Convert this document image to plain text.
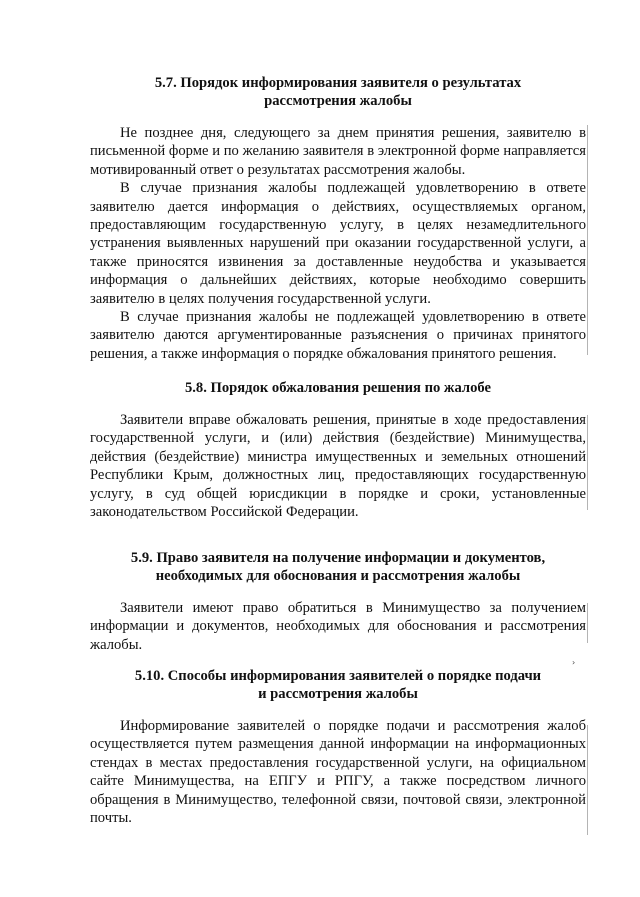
5.7. Порядок информирования заявителя о результатах
рассмотрения жалобы

Не позднее дня, следующего за днем принятия решения, заявителю в письменной форме и по желанию заявителя в электронной форме направляется мотивированный ответ о результатах рассмотрения жалобы.

В случае признания жалобы подлежащей удовлетворению в ответе заявителю дается информация о действиях, осуществляемых органом, предоставляющим государственную услугу, в целях незамедлительного устранения выявленных нарушений при оказании государственной услуги, а также приносятся извинения за доставленные неудобства и указывается информация о дальнейших действиях, которые необходимо совершить заявителю в целях получения государственной услуги.

В случае признания жалобы не подлежащей удовлетворению в ответе заявителю даются аргументированные разъяснения о причинах принятого решения, а также информация о порядке обжалования принятого решения.

5.8. Порядок обжалования решения по жалобе

Заявители вправе обжаловать решения, принятые в ходе предоставления государственной услуги, и (или) действия (бездействие) Минимущества, действия (бездействие) министра имущественных и земельных отношений Республики Крым, должностных лиц, предоставляющих государственную услугу, в суд общей юрисдикции в порядке и сроки, установленные законодательством Российской Федерации.

5.9. Право заявителя на получение информации и документов,
необходимых для обоснования и рассмотрения жалобы

Заявители имеют право обратиться в Минимущество за получением информации и документов, необходимых для обоснования и рассмотрения жалобы.

5.10. Способы информирования заявителей о порядке подачи
и рассмотрения жалобы

Информирование заявителей о порядке подачи и рассмотрения жалоб осуществляется путем размещения данной информации на информационных стендах в местах предоставления государственной услуги, на официальном сайте Минимущества, на ЕПГУ и РПГУ, а также посредством личного обращения в Минимущество, телефонной связи, почтовой связи, электронной почты.

›
